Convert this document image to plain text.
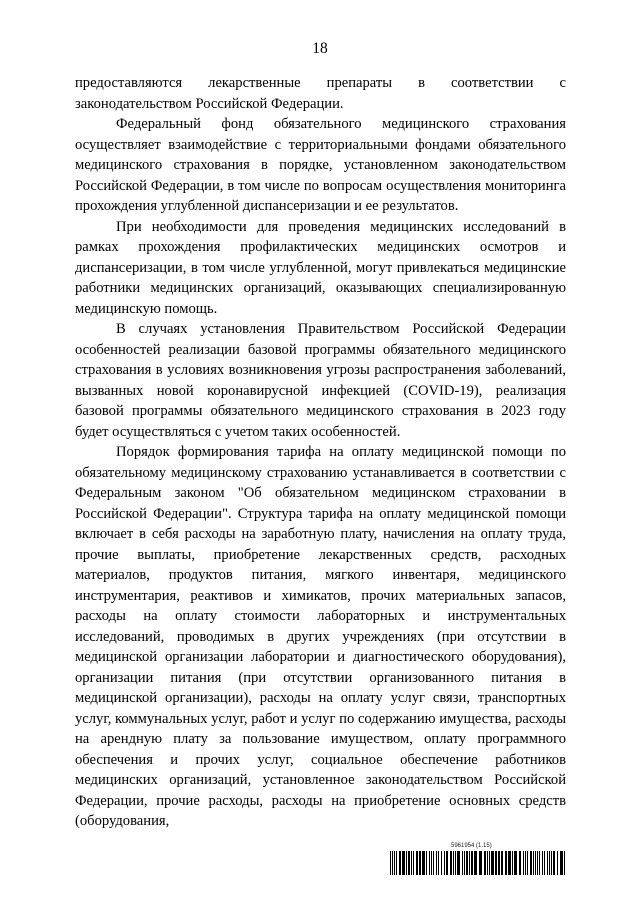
18

предоставляются лекарственные препараты в соответствии с законодательством Российской Федерации.

Федеральный фонд обязательного медицинского страхования осуществляет взаимодействие с территориальными фондами обязательного медицинского страхования в порядке, установленном законодательством Российской Федерации, в том числе по вопросам осуществления мониторинга прохождения углубленной диспансеризации и ее результатов.

При необходимости для проведения медицинских исследований в рамках прохождения профилактических медицинских осмотров и диспансеризации, в том числе углубленной, могут привлекаться медицинские работники медицинских организаций, оказывающих специализированную медицинскую помощь.

В случаях установления Правительством Российской Федерации особенностей реализации базовой программы обязательного медицинского страхования в условиях возникновения угрозы распространения заболеваний, вызванных новой коронавирусной инфекцией (COVID-19), реализация базовой программы обязательного медицинского страхования в 2023 году будет осуществляться с учетом таких особенностей.

Порядок формирования тарифа на оплату медицинской помощи по обязательному медицинскому страхованию устанавливается в соответствии с Федеральным законом "Об обязательном медицинском страховании в Российской Федерации". Структура тарифа на оплату медицинской помощи включает в себя расходы на заработную плату, начисления на оплату труда, прочие выплаты, приобретение лекарственных средств, расходных материалов, продуктов питания, мягкого инвентаря, медицинского инструментария, реактивов и химикатов, прочих материальных запасов, расходы на оплату стоимости лабораторных и инструментальных исследований, проводимых в других учреждениях (при отсутствии в медицинской организации лаборатории и диагностического оборудования), организации питания (при отсутствии организованного питания в медицинской организации), расходы на оплату услуг связи, транспортных услуг, коммунальных услуг, работ и услуг по содержанию имущества, расходы на арендную плату за пользование имуществом, оплату программного обеспечения и прочих услуг, социальное обеспечение работников медицинских организаций, установленное законодательством Российской Федерации, прочие расходы, расходы на приобретение основных средств (оборудования,

5961954 (1.15)
